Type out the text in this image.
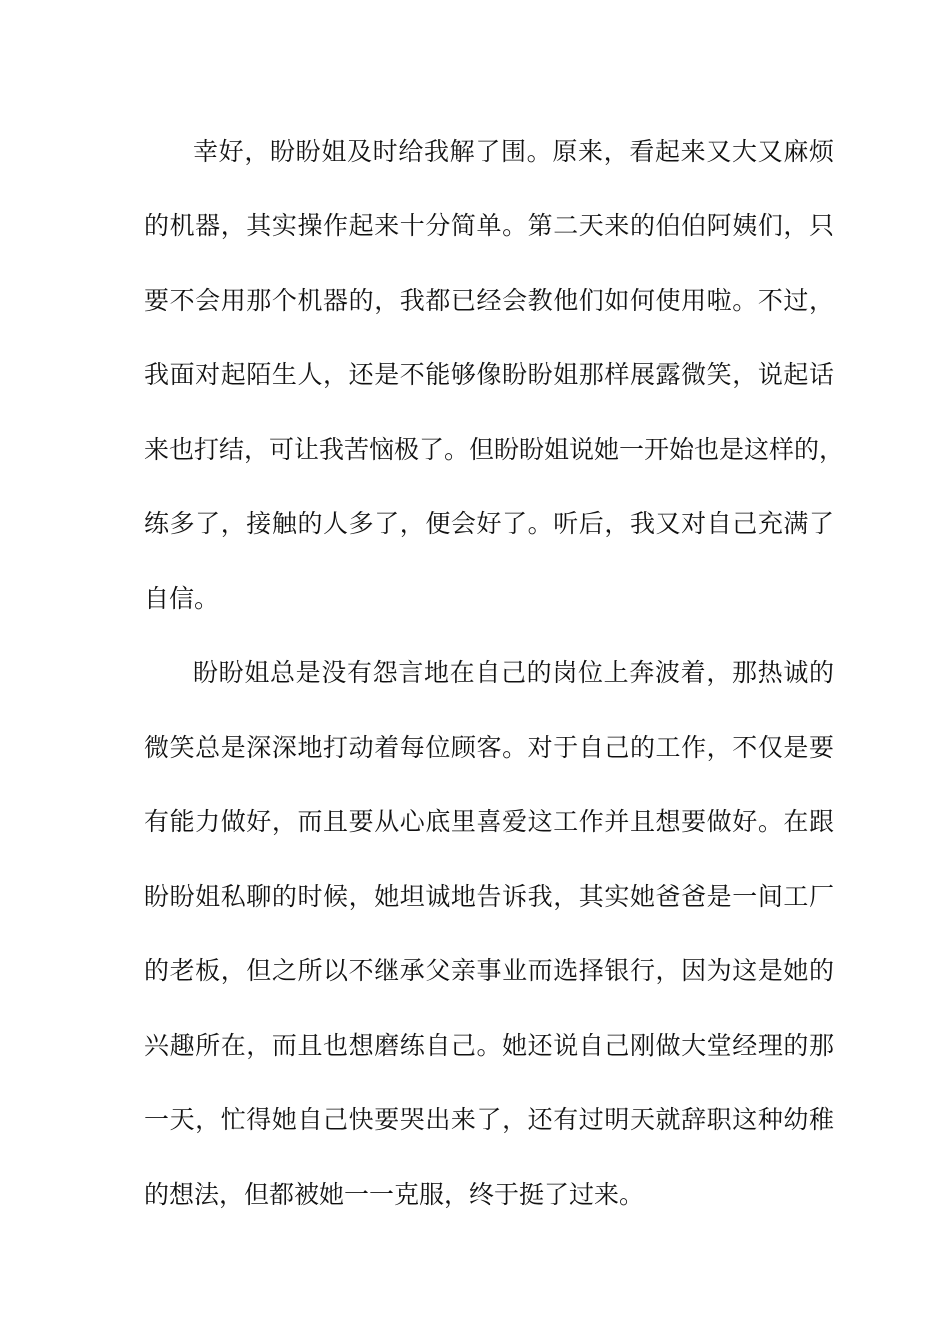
幸好，盼盼姐及时给我解了围。原来，看起来又大又麻烦
的机器，其实操作起来十分简单。第二天来的伯伯阿姨们，只
要不会用那个机器的，我都已经会教他们如何使用啦。不过，
我面对起陌生人，还是不能够像盼盼姐那样展露微笑，说起话
来也打结，可让我苦恼极了。但盼盼姐说她一开始也是这样的，
练多了，接触的人多了，便会好了。听后，我又对自己充满了
自信。
盼盼姐总是没有怨言地在自己的岗位上奔波着，那热诚的
微笑总是深深地打动着每位顾客。对于自己的工作，不仅是要
有能力做好，而且要从心底里喜爱这工作并且想要做好。在跟
盼盼姐私聊的时候，她坦诚地告诉我，其实她爸爸是一间工厂
的老板，但之所以不继承父亲事业而选择银行，因为这是她的
兴趣所在，而且也想磨练自己。她还说自己刚做大堂经理的那
一天，忙得她自己快要哭出来了，还有过明天就辞职这种幼稚
的想法，但都被她一一克服，终于挺了过来。
